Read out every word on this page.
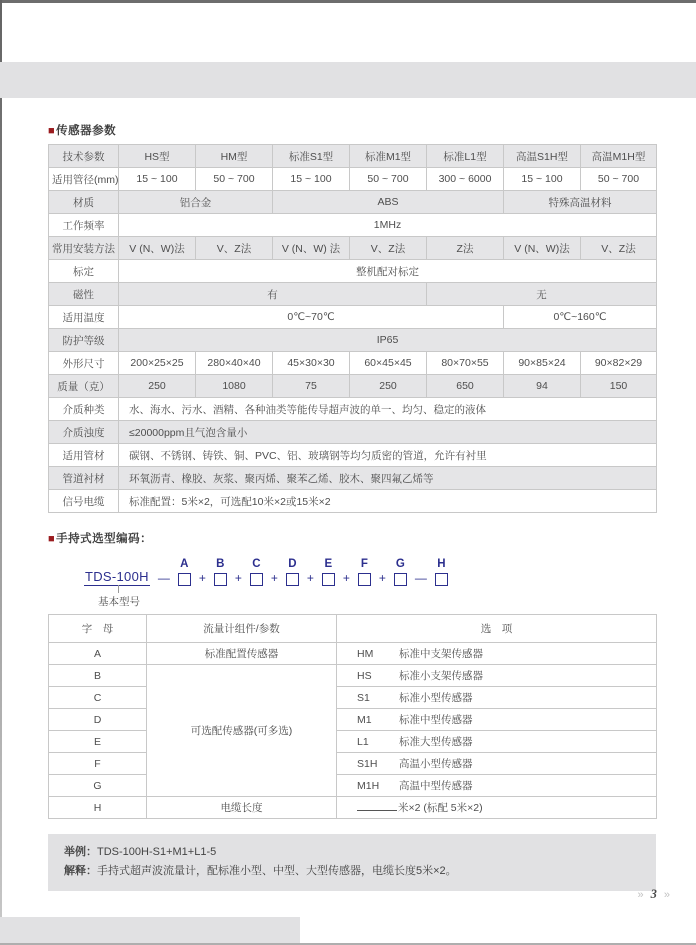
■传感器参数
技术参数	HS型	HM型	标准S1型	标准M1型	标准L1型	高温S1H型	高温M1H型
适用管径(mm)	15 ~ 100	50 ~ 700	15 ~ 100	50 ~ 700	300 ~ 6000	15 ~ 100	50 ~ 700
材质	铝合金		ABS			特殊高温材料	
工作频率	1MHz						
常用安装方法	V (N、W)法	V、Z法	V (N、W) 法	V、Z法	Z法	V (N、W)法	V、Z法
标定	整机配对标定						
磁性	有				无		
适用温度	0℃~70℃					0℃~160℃	
防护等级	IP65						
外形尺寸	200×25×25	280×40×40	45×30×30	60×45×45	80×70×55	90×85×24	90×82×29
质量（克）	250	1080	75	250	650	94	150
介质种类	水、海水、污水、酒精、各种油类等能传导超声波的单一、均匀、稳定的液体						
介质浊度	≤20000ppm且气泡含量小						
适用管材	碳钢、不锈钢、铸铁、铜、PVC、铝、玻璃钢等均匀质密的管道，允许有衬里						
管道衬材	环氧沥青、橡胶、灰浆、聚丙烯、聚苯乙烯、胶木、聚四氟乙烯等						
信号电缆	标准配置：5米×2，可选配10米×2或15米×2						
■手持式选型编码：
TDS-100H
基本型号
—
A
+
B
+
C
+
D
+
E
+
F
+
G
—
H
字　母	流量计组件/参数	选　项
A	标准配置传感器	HM 标准中支架传感器
B	可选配传感器(可多选)	HS 标准小支架传感器
C		S1 标准小型传感器
D		M1 标准中型传感器
E		L1 标准大型传感器
F		S1H 高温小型传感器
G		M1H 高温中型传感器
H	电缆长度	米×2 (标配 5米×2)
举例：TDS-100H-S1+M1+L1-5
解释：手持式超声波流量计，配标准小型、中型、大型传感器，电缆长度5米×2。
» 3 »
